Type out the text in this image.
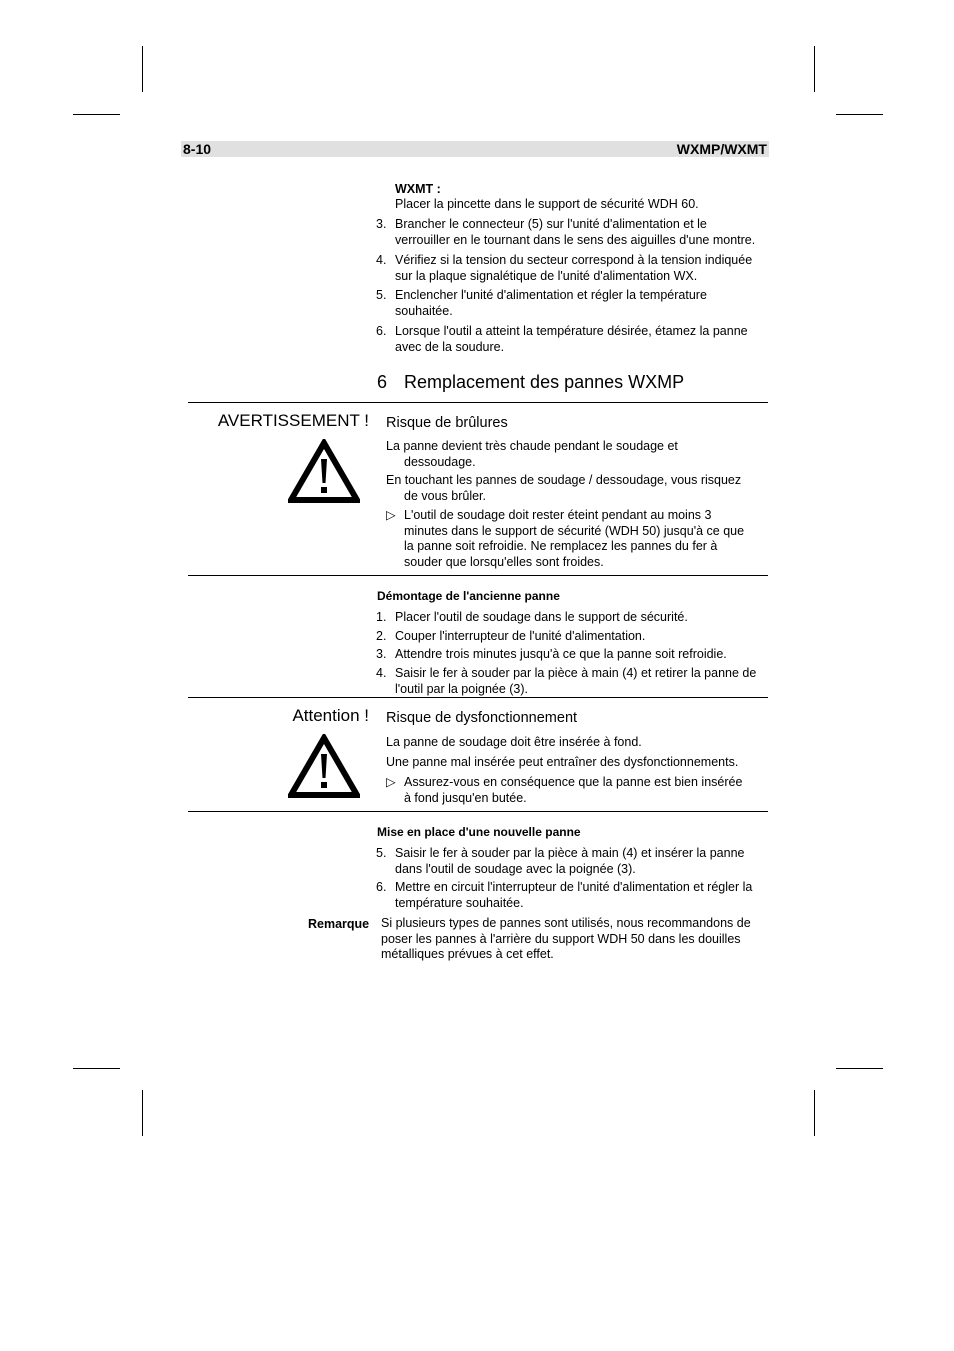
8-10	WXMP/WXMT
WXMT :
Placer la pincette dans le support de sécurité WDH 60.
3. Brancher le connecteur (5) sur l'unité d'alimentation et le
verrouiller en le tournant dans le sens des aiguilles d'une montre.
4. Vérifiez si la tension du secteur correspond à la tension indiquée
sur la plaque signalétique de l'unité d'alimentation WX.
5. Enclencher l'unité d'alimentation et régler la température
souhaitée.
6. Lorsque l'outil a atteint la température désirée, étamez la panne
avec de la soudure.
6 Remplacement des pannes WXMP
AVERTISSEMENT ! Risque de brûlures
La panne devient très chaude pendant le soudage et
dessoudage.
En touchant les pannes de soudage / dessoudage, vous risquez
de vous brûler.
▷ L'outil de soudage doit rester éteint pendant au moins 3
minutes dans le support de sécurité (WDH 50) jusqu'à ce que
la panne soit refroidie. Ne remplacez les pannes du fer à
souder que lorsqu'elles sont froides.
Démontage de l'ancienne panne
1. Placer l'outil de soudage dans le support de sécurité.
2. Couper l'interrupteur de l'unité d'alimentation.
3. Attendre trois minutes jusqu'à ce que la panne soit refroidie.
4. Saisir le fer à souder par la pièce à main (4) et retirer la panne de
l'outil par la poignée (3).
Attention ! Risque de dysfonctionnement
La panne de soudage doit être insérée à fond.
Une panne mal insérée peut entraîner des dysfonctionnements.
▷ Assurez-vous en conséquence que la panne est bien insérée
à fond jusqu'en butée.
Mise en place d'une nouvelle panne
5. Saisir le fer à souder par la pièce à main (4) et insérer la panne
dans l'outil de soudage avec la poignée (3).
6. Mettre en circuit l'interrupteur de l'unité d'alimentation et régler la
température souhaitée.
Remarque Si plusieurs types de pannes sont utilisés, nous recommandons de
poser les pannes à l'arrière du support WDH 50 dans les douilles
métalliques prévues à cet effet.
